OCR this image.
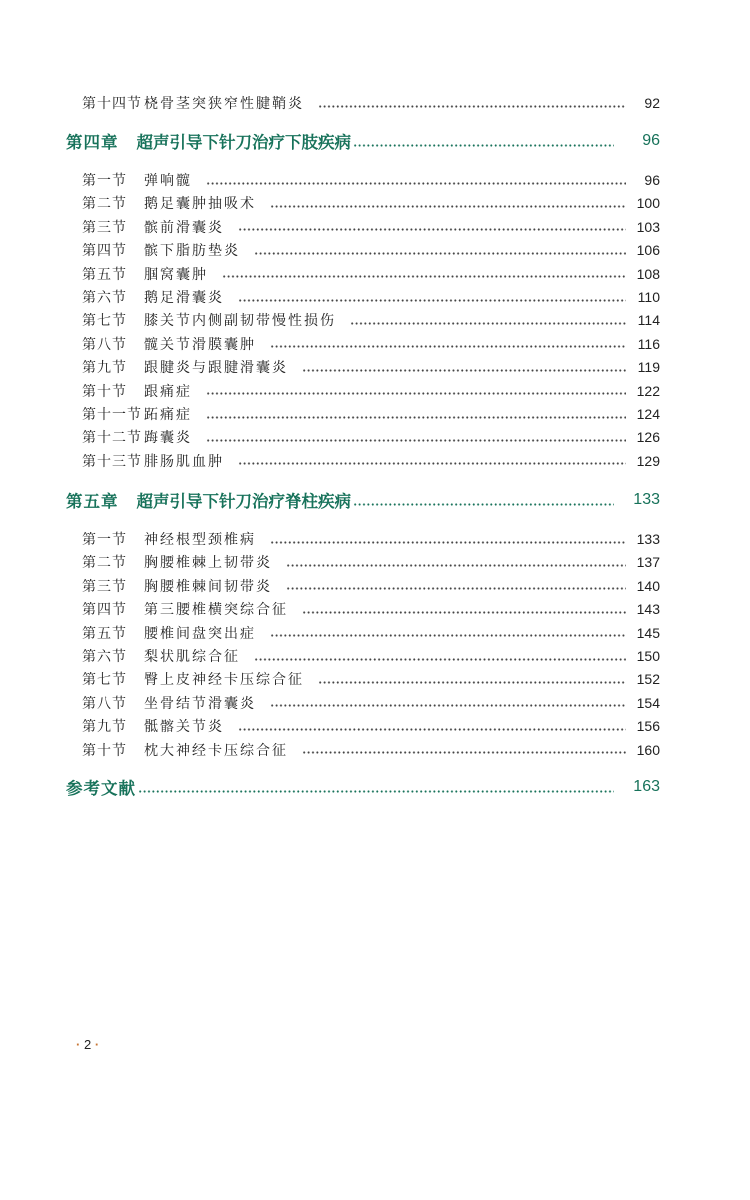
第十四节 桡骨茎突狭窄性腱鞘炎	92
第四章 超声引导下针刀治疗下肢疾病	96
第一节	弹响髋	96
第二节	鹅足囊肿抽吸术	100
第三节	髌前滑囊炎	103
第四节	髌下脂肪垫炎	106
第五节	腘窝囊肿	108
第六节	鹅足滑囊炎	110
第七节	膝关节内侧副韧带慢性损伤	114
第八节	髋关节滑膜囊肿	116
第九节	跟腱炎与跟腱滑囊炎	119
第十节	跟痛症	122
第十一节 跖痛症	124
第十二节 踇囊炎	126
第十三节 腓肠肌血肿	129
第五章 超声引导下针刀治疗脊柱疾病	133
第一节	神经根型颈椎病	133
第二节	胸腰椎棘上韧带炎	137
第三节	胸腰椎棘间韧带炎	140
第四节	第三腰椎横突综合征	143
第五节	腰椎间盘突出症	145
第六节	梨状肌综合征	150
第七节	臀上皮神经卡压综合征	152
第八节	坐骨结节滑囊炎	154
第九节	骶髂关节炎	156
第十节	枕大神经卡压综合征	160
参考文献	163
· 2 ·
